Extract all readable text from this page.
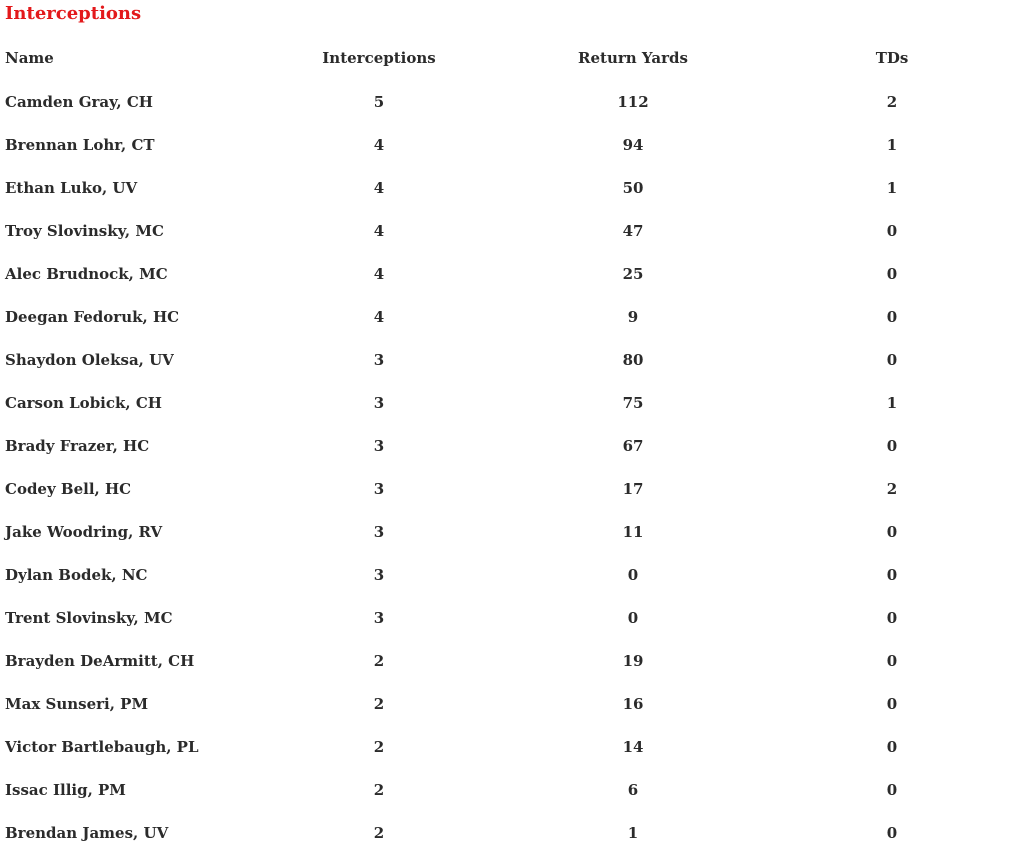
Interceptions
Name	Interceptions	Return Yards	TDs
Camden Gray, CH	5	112	2
Brennan Lohr, CT	4	94	1
Ethan Luko, UV	4	50	1
Troy Slovinsky, MC	4	47	0
Alec Brudnock, MC	4	25	0
Deegan Fedoruk, HC	4	9	0
Shaydon Oleksa, UV	3	80	0
Carson Lobick, CH	3	75	1
Brady Frazer, HC	3	67	0
Codey Bell, HC	3	17	2
Jake Woodring, RV	3	11	0
Dylan Bodek, NC	3	0	0
Trent Slovinsky, MC	3	0	0
Brayden DeArmitt, CH	2	19	0
Max Sunseri, PM	2	16	0
Victor Bartlebaugh, PL	2	14	0
Issac Illig, PM	2	6	0
Brendan James, UV	2	1	0
